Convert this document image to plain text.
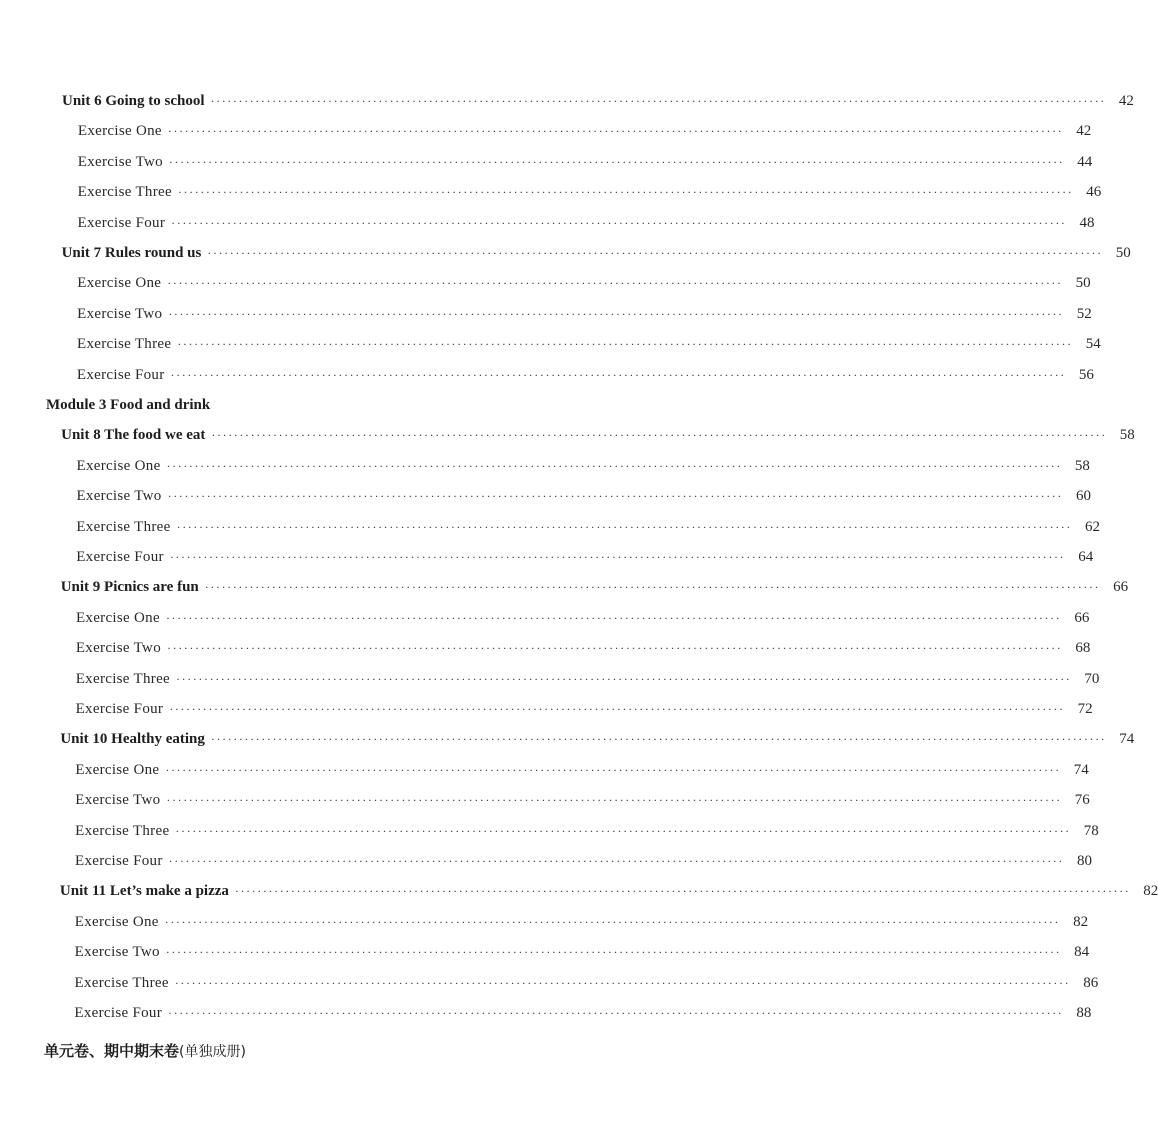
Unit 6 Going to school ································································································································································ 42
Exercise One ································································································································································ 42
Exercise Two ································································································································································ 44
Exercise Three ································································································································································ 46
Exercise Four ································································································································································ 48
Unit 7 Rules round us ································································································································································ 50
Exercise One ································································································································································ 50
Exercise Two ································································································································································ 52
Exercise Three ································································································································································ 54
Exercise Four ································································································································································ 56
Module 3 Food and drink
Unit 8 The food we eat ································································································································································ 58
Exercise One ································································································································································ 58
Exercise Two ································································································································································ 60
Exercise Three ································································································································································ 62
Exercise Four ································································································································································ 64
Unit 9 Picnics are fun ································································································································································ 66
Exercise One ································································································································································ 66
Exercise Two ································································································································································ 68
Exercise Three ································································································································································ 70
Exercise Four ································································································································································ 72
Unit 10 Healthy eating ································································································································································ 74
Exercise One ································································································································································ 74
Exercise Two ································································································································································ 76
Exercise Three ································································································································································ 78
Exercise Four ································································································································································ 80
Unit 11 Let’s make a pizza ································································································································································ 82
Exercise One ································································································································································ 82
Exercise Two ································································································································································ 84
Exercise Three ································································································································································ 86
Exercise Four ································································································································································ 88
单元卷、期中期末卷(单独成册)
